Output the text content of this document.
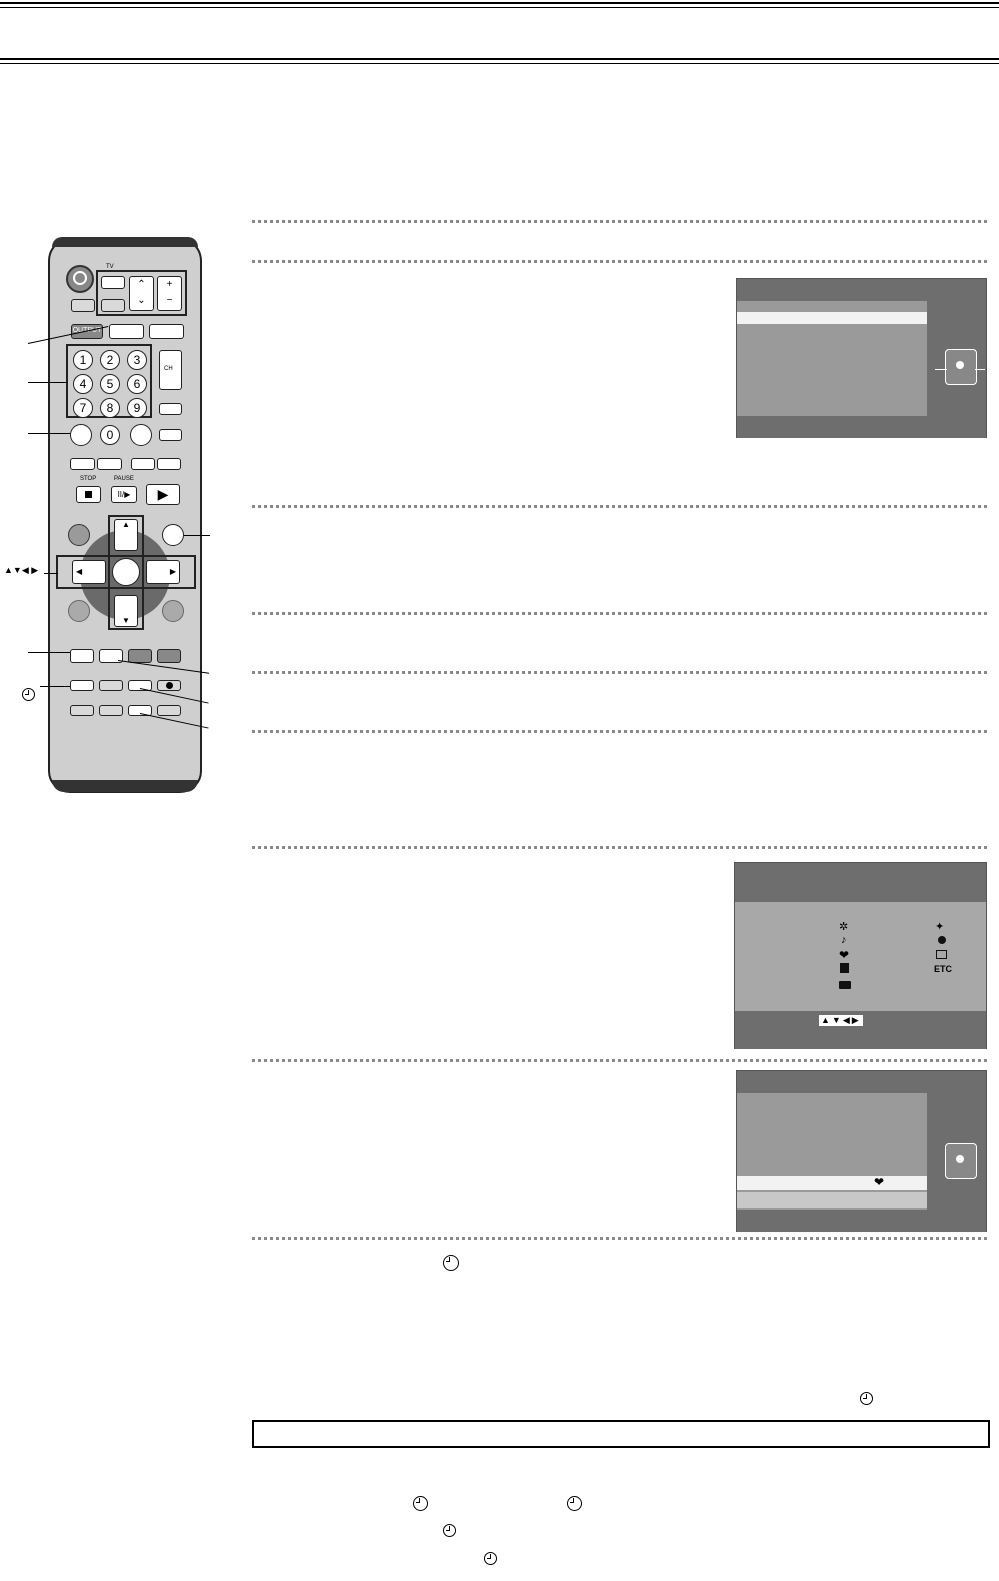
TV
⌃
⌄
+
−
OUTPUT
1	2	3
4	5	6
7	8	9
0
CH
STOP	PAUSE
II/▶	▶
▲
▼
◀	▶
▲▼◀ ▶
✲
♪
❤
✦
ETC
▲▼◀▶
❤
